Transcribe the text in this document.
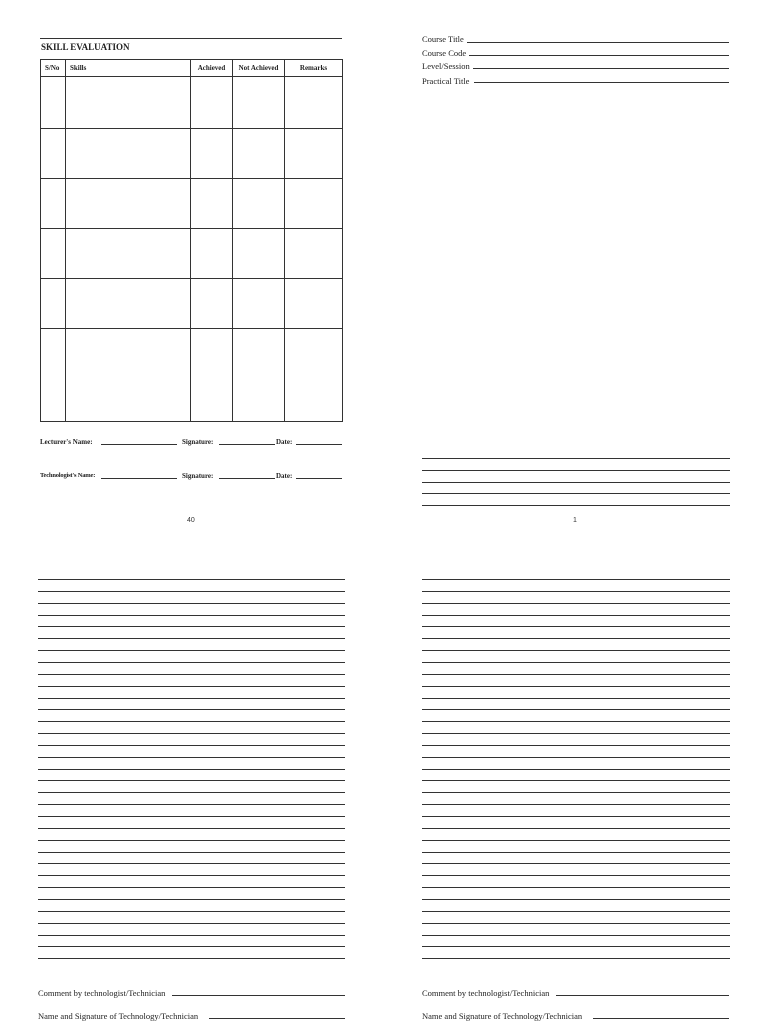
SKILL EVALUATION
S/No	Skills	Achieved	Not Achieved	Remarks

Lecturer's Name:	Signature:	Date:
Technologist's Name:	Signature:	Date:
40
Course Title
Course Code
Level/Session
Practical Title
1
Comment by technologist/Technician
Name and Signature of Technology/Technician
Comment by technologist/Technician
Name and Signature of Technology/Technician
